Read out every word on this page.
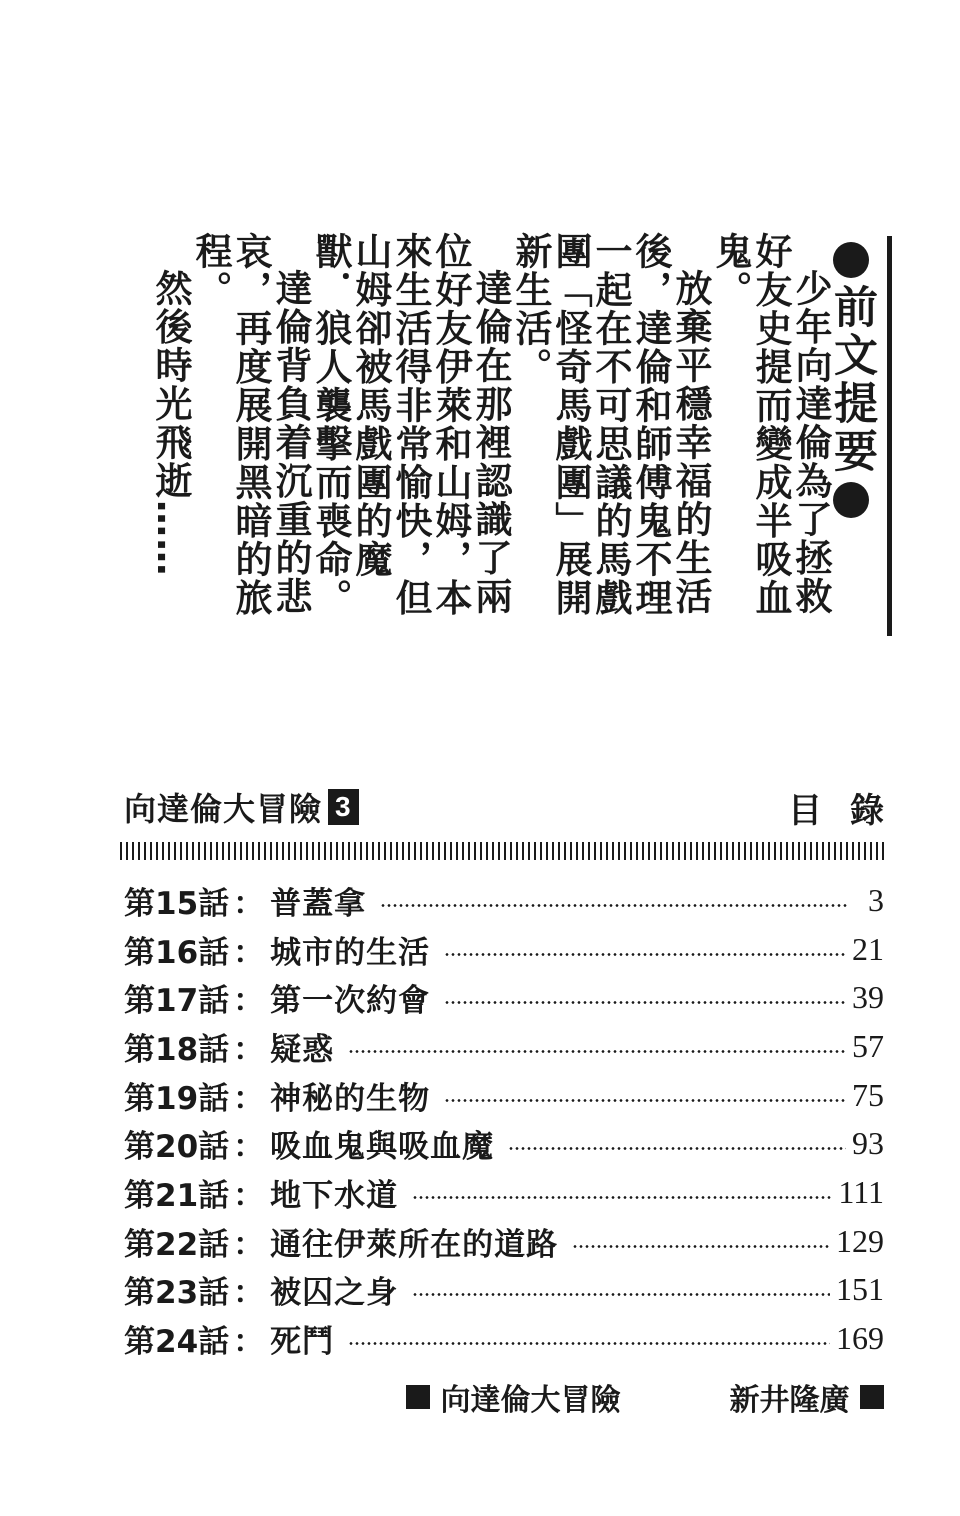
前文提要

少年向達倫為了拯救好友史提而變成半吸血鬼。

放棄平穩幸福的生活後，達倫和師傅鬼不理一起在不可思議的馬戲團「怪奇馬戲團」展開新生活。

達倫在那裡認識了兩位好友伊萊和山姆，本來生活得非常愉快，但山姆卻被馬戲團的魔獸．狼人襲擊而喪命。

達倫背負着沉重的悲哀，再度展開黑暗的旅程。

然後時光飛逝……

向達倫大冒險 3	目錄
第15話 ： 普蓋拿	3
第16話 ： 城市的生活	21
第17話 ： 第一次約會	39
第18話 ： 疑惑	57
第19話 ： 神秘的生物	75
第20話 ： 吸血鬼與吸血魔	93
第21話 ： 地下水道	111
第22話 ： 通往伊萊所在的道路	129
第23話 ： 被囚之身	151
第24話 ： 死鬥	169
向達倫大冒險	新井隆廣
